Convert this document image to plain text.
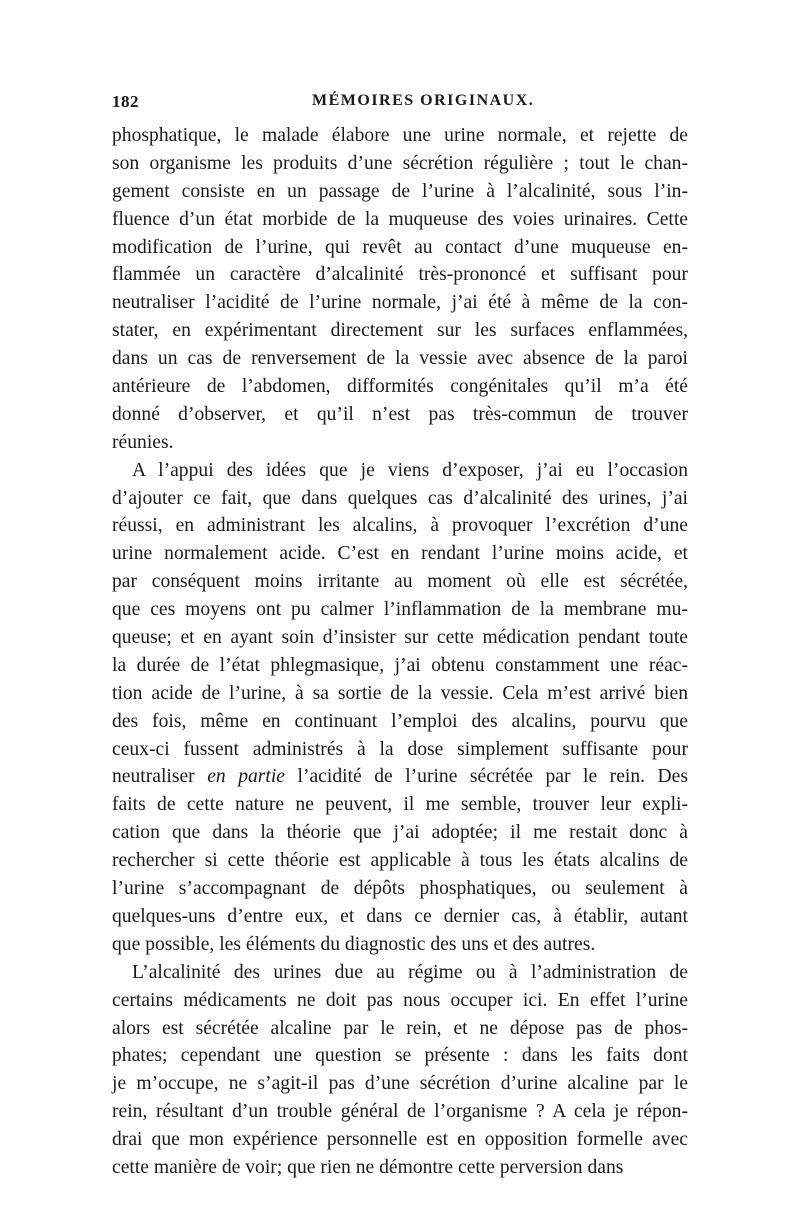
182	MÉMOIRES ORIGINAUX.
phosphatique, le malade élabore une urine normale, et rejette de
son organisme les produits d’une sécrétion régulière ; tout le chan-
gement consiste en un passage de l’urine à l’alcalinité, sous l’in-
fluence d’un état morbide de la muqueuse des voies urinaires. Cette
modification de l’urine, qui revêt au contact d’une muqueuse en-
flammée un caractère d’alcalinité très-prononcé et suffisant pour
neutraliser l’acidité de l’urine normale, j’ai été à même de la con-
stater, en expérimentant directement sur les surfaces enflammées,
dans un cas de renversement de la vessie avec absence de la paroi
antérieure de l’abdomen, difformités congénitales qu’il m’a été
donné d’observer, et qu’il n’est pas très-commun de trouver
réunies.
A l’appui des idées que je viens d’exposer, j’ai eu l’occasion
d’ajouter ce fait, que dans quelques cas d’alcalinité des urines, j’ai
réussi, en administrant les alcalins, à provoquer l’excrétion d’une
urine normalement acide. C’est en rendant l’urine moins acide, et
par conséquent moins irritante au moment où elle est sécrétée,
que ces moyens ont pu calmer l’inflammation de la membrane mu-
queuse; et en ayant soin d’insister sur cette médication pendant toute
la durée de l’état phlegmasique, j’ai obtenu constamment une réac-
tion acide de l’urine, à sa sortie de la vessie. Cela m’est arrivé bien
des fois, même en continuant l’emploi des alcalins, pourvu que
ceux-ci fussent administrés à la dose simplement suffisante pour
neutraliser en partie l’acidité de l’urine sécrétée par le rein. Des
faits de cette nature ne peuvent, il me semble, trouver leur expli-
cation que dans la théorie que j’ai adoptée; il me restait donc à
rechercher si cette théorie est applicable à tous les états alcalins de
l’urine s’accompagnant de dépôts phosphatiques, ou seulement à
quelques-uns d’entre eux, et dans ce dernier cas, à établir, autant
que possible, les éléments du diagnostic des uns et des autres.
L’alcalinité des urines due au régime ou à l’administration de
certains médicaments ne doit pas nous occuper ici. En effet l’urine
alors est sécrétée alcaline par le rein, et ne dépose pas de phos-
phates; cependant une question se présente : dans les faits dont
je m’occupe, ne s’agit-il pas d’une sécrétion d’urine alcaline par le
rein, résultant d’un trouble général de l’organisme ? A cela je répon-
drai que mon expérience personnelle est en opposition formelle avec
cette manière de voir; que rien ne démontre cette perversion dans
